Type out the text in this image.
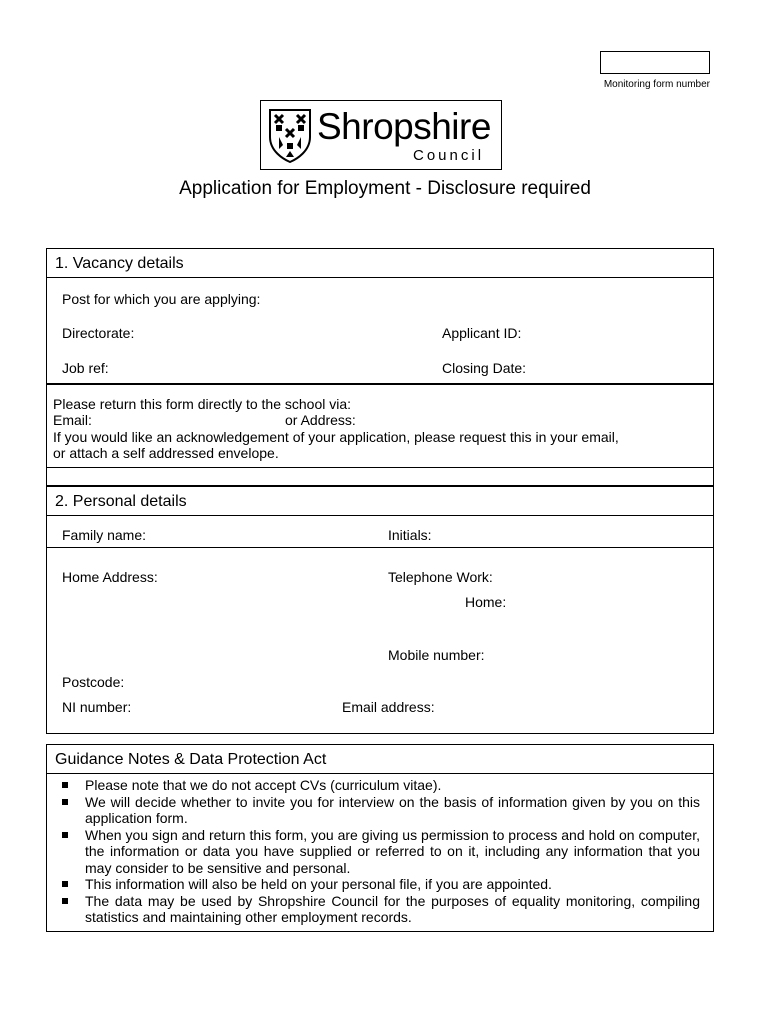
Monitoring form number
Shropshire
Council
Application for Employment - Disclosure required
1. Vacancy details
Post for which you are applying:
Directorate:	Applicant ID:
Job ref:	Closing Date:
Please return this form directly to the school via:
Email:	or Address:
If you would like an acknowledgement of your application, please request this in your email,
or attach a self addressed envelope.
2. Personal details
Family name:	Initials:
Home Address:	Telephone Work:
Home:
Mobile number:
Postcode:
NI number:	Email address:
Guidance Notes & Data Protection Act
Please note that we do not accept CVs (curriculum vitae).
We will decide whether to invite you for interview on the basis of information given by you on this application form.
When you sign and return this form, you are giving us permission to process and hold on computer, the information or data you have supplied or referred to on it, including any information that you may consider to be sensitive and personal.
This information will also be held on your personal file, if you are appointed.
The data may be used by Shropshire Council for the purposes of equality monitoring, compiling statistics and maintaining other employment records.
